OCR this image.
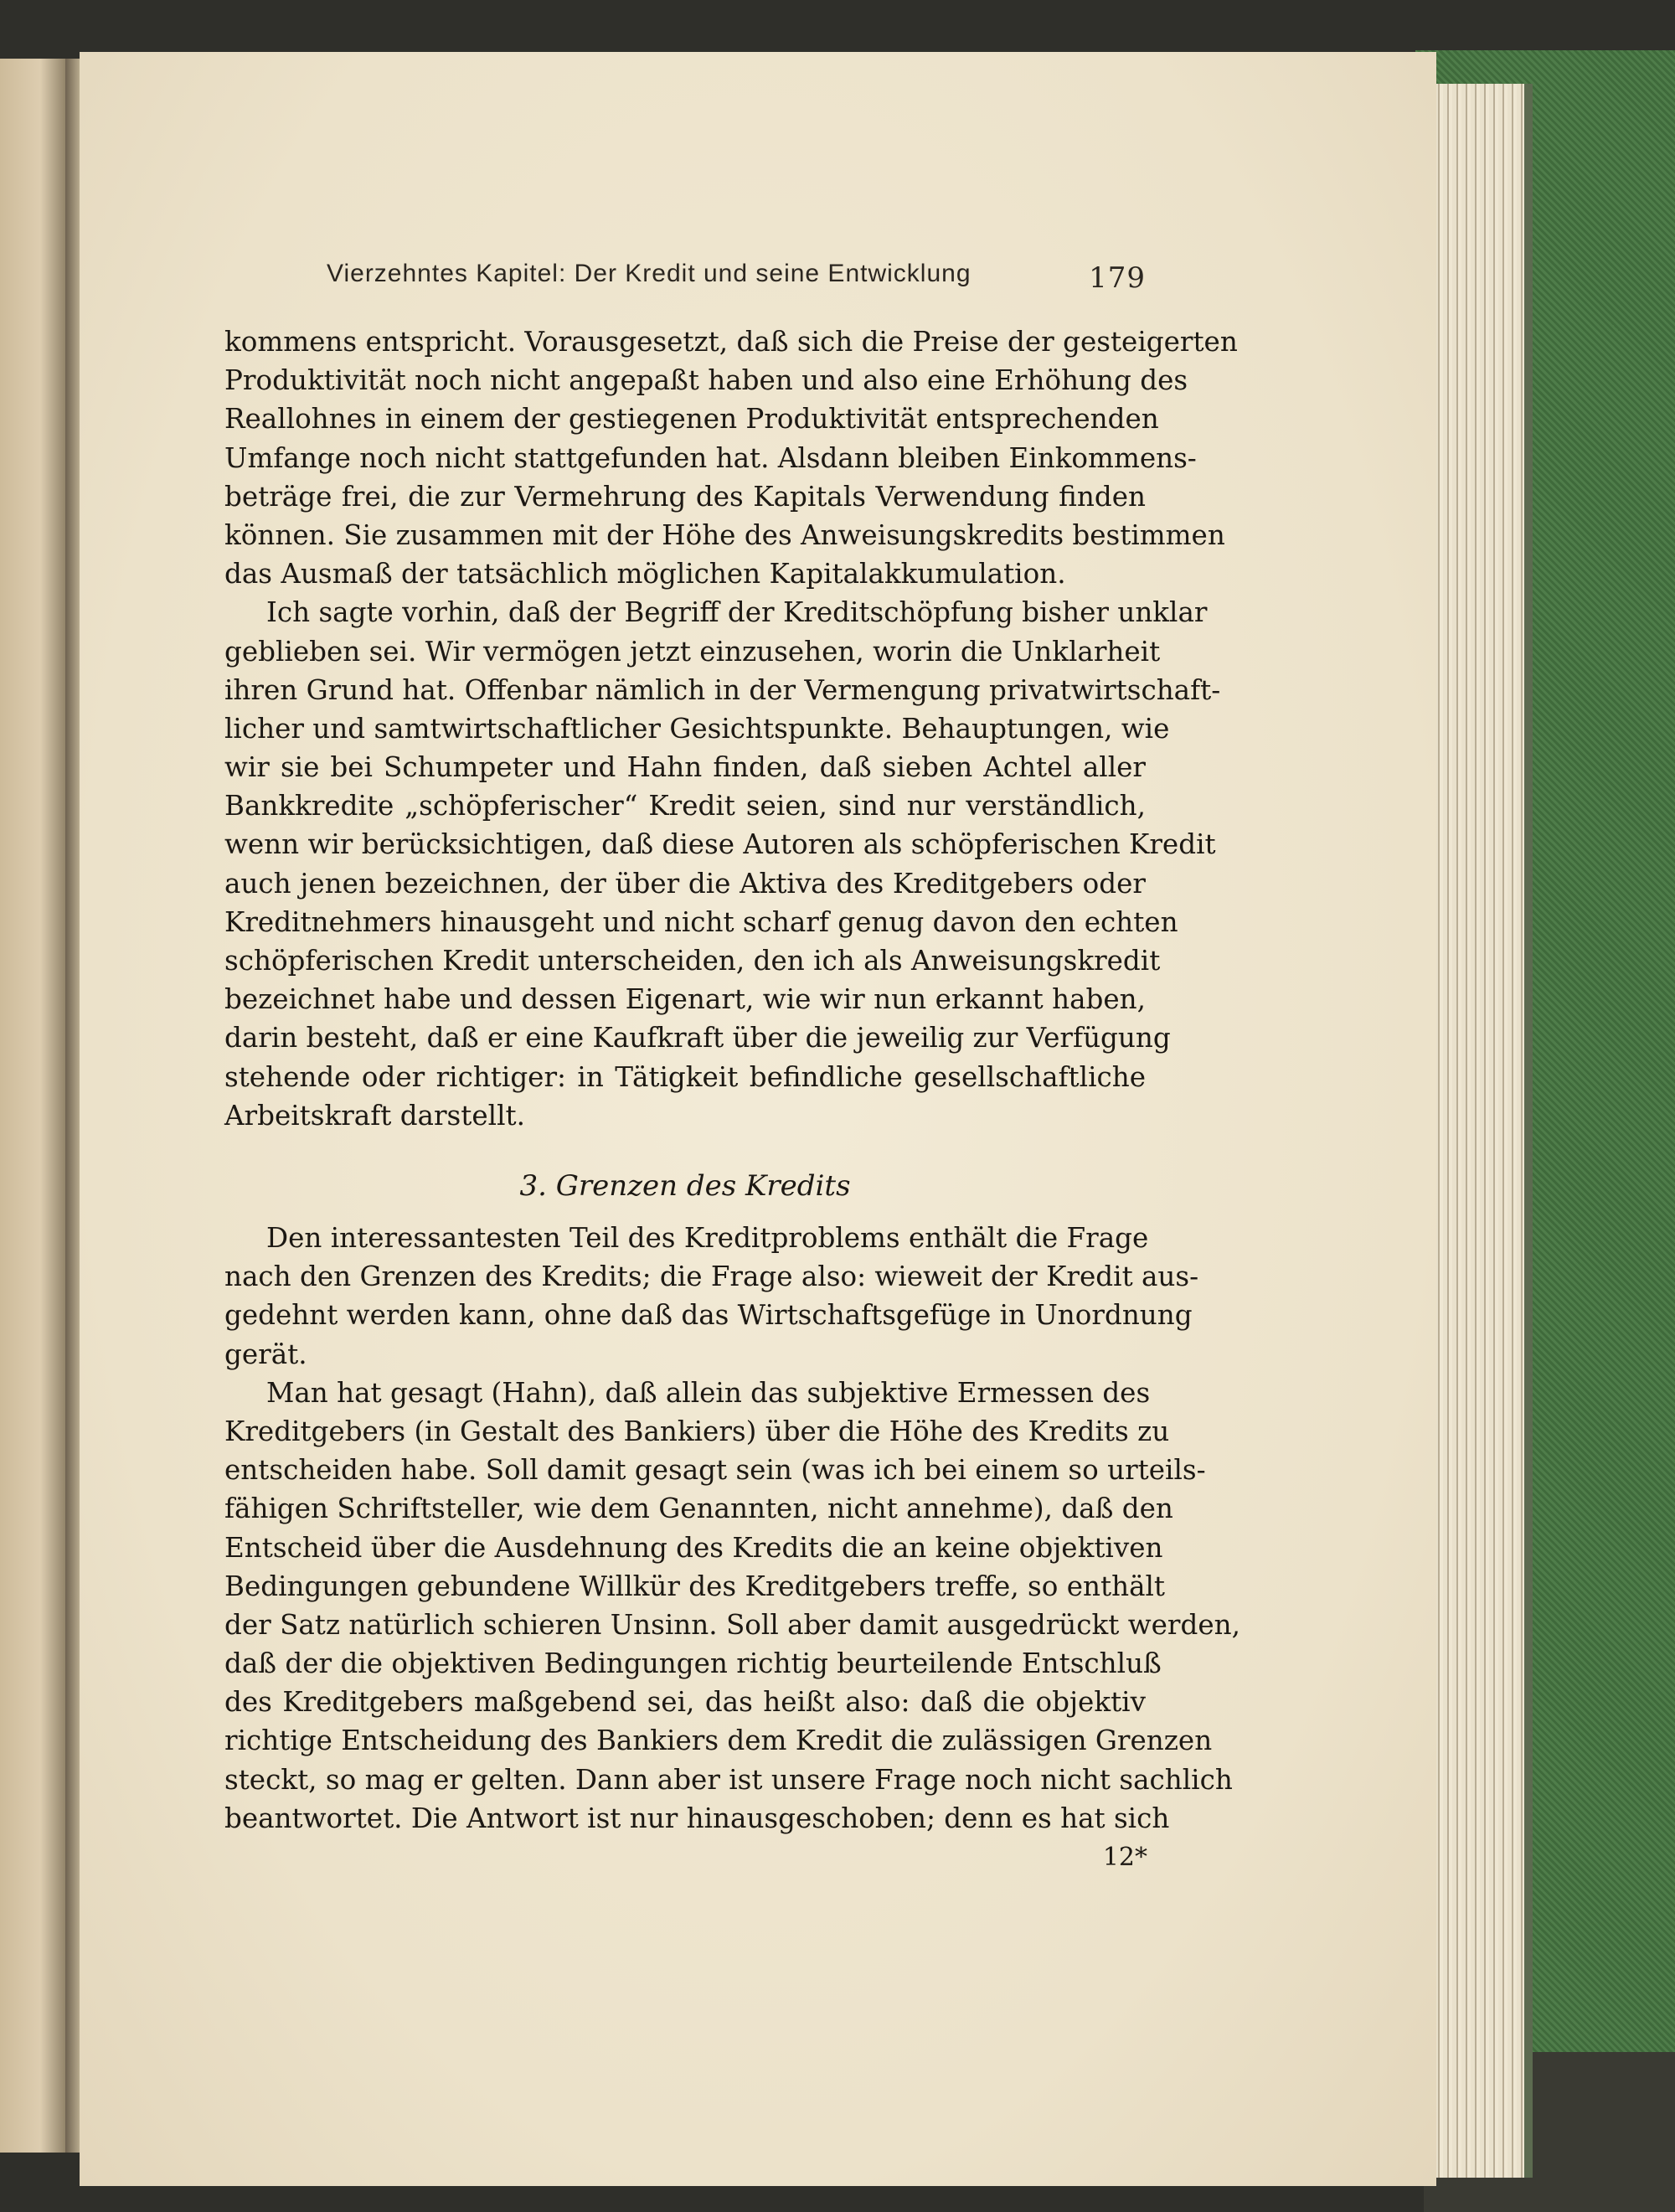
Vierzehntes Kapitel: Der Kredit und seine Entwicklung	179
kommens entspricht. Vorausgesetzt, daß sich die Preise der gesteigerten
Produktivität noch nicht angepaßt haben und also eine Erhöhung des
Reallohnes in einem der gestiegenen Produktivität entsprechenden
Umfange noch nicht stattgefunden hat. Alsdann bleiben Einkommens-
beträge frei, die zur Vermehrung des Kapitals Verwendung finden
können. Sie zusammen mit der Höhe des Anweisungskredits bestimmen
das Ausmaß der tatsächlich möglichen Kapitalakkumulation.
Ich sagte vorhin, daß der Begriff der Kreditschöpfung bisher unklar
geblieben sei. Wir vermögen jetzt einzusehen, worin die Unklarheit
ihren Grund hat. Offenbar nämlich in der Vermengung privatwirtschaft-
licher und samtwirtschaftlicher Gesichtspunkte. Behauptungen, wie
wir sie bei Schumpeter und Hahn finden, daß sieben Achtel aller
Bankkredite „schöpferischer“ Kredit seien, sind nur verständlich,
wenn wir berücksichtigen, daß diese Autoren als schöpferischen Kredit
auch jenen bezeichnen, der über die Aktiva des Kreditgebers oder
Kreditnehmers hinausgeht und nicht scharf genug davon den echten
schöpferischen Kredit unterscheiden, den ich als Anweisungskredit
bezeichnet habe und dessen Eigenart, wie wir nun erkannt haben,
darin besteht, daß er eine Kaufkraft über die jeweilig zur Verfügung
stehende oder richtiger: in Tätigkeit befindliche gesellschaftliche
Arbeitskraft darstellt.
3. Grenzen des Kredits
Den interessantesten Teil des Kreditproblems enthält die Frage
nach den Grenzen des Kredits; die Frage also: wieweit der Kredit aus-
gedehnt werden kann, ohne daß das Wirtschaftsgefüge in Unordnung
gerät.
Man hat gesagt (Hahn), daß allein das subjektive Ermessen des
Kreditgebers (in Gestalt des Bankiers) über die Höhe des Kredits zu
entscheiden habe. Soll damit gesagt sein (was ich bei einem so urteils-
fähigen Schriftsteller, wie dem Genannten, nicht annehme), daß den
Entscheid über die Ausdehnung des Kredits die an keine objektiven
Bedingungen gebundene Willkür des Kreditgebers treffe, so enthält
der Satz natürlich schieren Unsinn. Soll aber damit ausgedrückt werden,
daß der die objektiven Bedingungen richtig beurteilende Entschluß
des Kreditgebers maßgebend sei, das heißt also: daß die objektiv
richtige Entscheidung des Bankiers dem Kredit die zulässigen Grenzen
steckt, so mag er gelten. Dann aber ist unsere Frage noch nicht sachlich
beantwortet. Die Antwort ist nur hinausgeschoben; denn es hat sich
12*
